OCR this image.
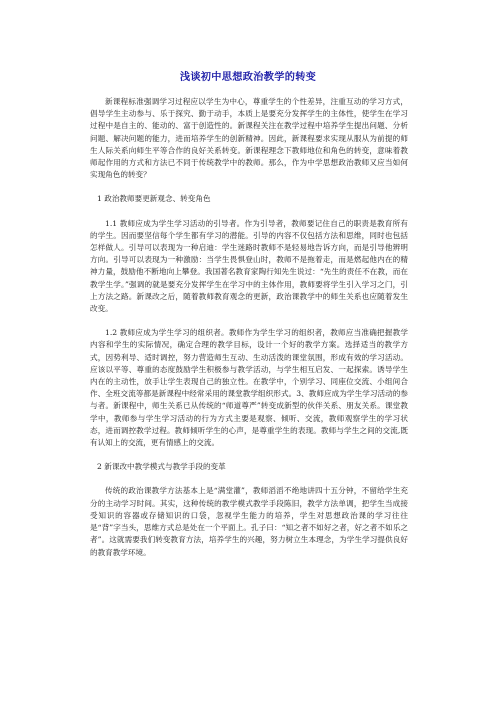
浅谈初中思想政治教学的转变

新课程标准强调学习过程应以学生为中心，尊重学生的个性差异，注重互动的学习方式，倡导学生主动参与、乐于探究、勤于动手，本质上是要充分发挥学生的主体性，使学生在学习过程中是自主的、能动的、富于创造性的。新课程关注在教学过程中培养学生提出问题、分析问题、解决问题的能力，进而培养学生的创新精神。因此，新课程要求实现从服从为前提的师生人际关系向师生平等合作的良好关系转变。新课程理念下教师地位和角色的转变，意味着教师起作用的方式和方法已不同于传统教学中的教师。那么，作为中学思想政治教师又应当如何实现角色的转变？

1 政治教师要更新观念、转变角色

1.1 教师应成为学生学习活动的引导者。作为引导者，教师要记住自己的职责是教育所有的学生。因而要坚信每个学生都有学习的潜能。引导的内容不仅包括方法和思维，同时也包括怎样做人。引导可以表现为一种启迪：学生迷路时教师不是轻易地告诉方向，而是引导他辨明方向。引导可以表现为一种激励：当学生畏惧登山时，教师不是拖着走，而是燃起他内在的精神力量，鼓励他不断地向上攀登。我国著名教育家陶行知先生说过：“先生的责任不在教，而在教学生学。”强调的就是要充分发挥学生在学习中的主体作用，教师要将学生引入学习之门，引上方法之路。新课改之后，随着教师教育观念的更新，政治课教学中的师生关系也应随着发生改变。

1.2 教师应成为学生学习的组织者。教师作为学生学习的组织者，教师应当准确把握教学内容和学生的实际情况，确定合理的教学目标，设计一个好的教学方案。选择适当的教学方式，因势利导、适时调控，努力营造师生互动、生动活泼的课堂氛围，形成有效的学习活动。应该以平等、尊重的态度鼓励学生积极参与教学活动，与学生相互启发、一起探索。诱导学生内在的主动性，放手让学生表现自己的独立性。在教学中，个别学习、同座位交流、小组间合作、全班交流等都是新课程中经常采用的课堂教学组织形式。3、教师应成为学生学习活动的参与者。新课程中，师生关系已从传统的“师道尊严”转变成新型的伙伴关系、朋友关系。课堂教学中，教师参与学生学习活动的行为方式主要是观察、倾听、交流，教师观察学生的学习状态，进而调控教学过程。教师倾听学生的心声，是尊重学生的表现。教师与学生之间的交流,既有认知上的交流，更有情感上的交流。

2 新课改中教学模式与教学手段的变革

传统的政治课教学方法基本上是“满堂灌”，教师滔滔不绝地讲四十五分钟，不留给学生充分的主动学习时间。其实，这种传统的教学模式教学手段陈旧，教学方法单调，把学生当成接受知识的容器或存储知识的口袋，忽视学生能力的培养，学生对思想政治课的学习往往是“背”字当头，思维方式总是处在一个平面上。孔子曰：“知之者不如好之者，好之者不如乐之者”。这就需要我们转变教育方法，培养学生的兴趣，努力树立生本理念，为学生学习提供良好的教育教学环境。
